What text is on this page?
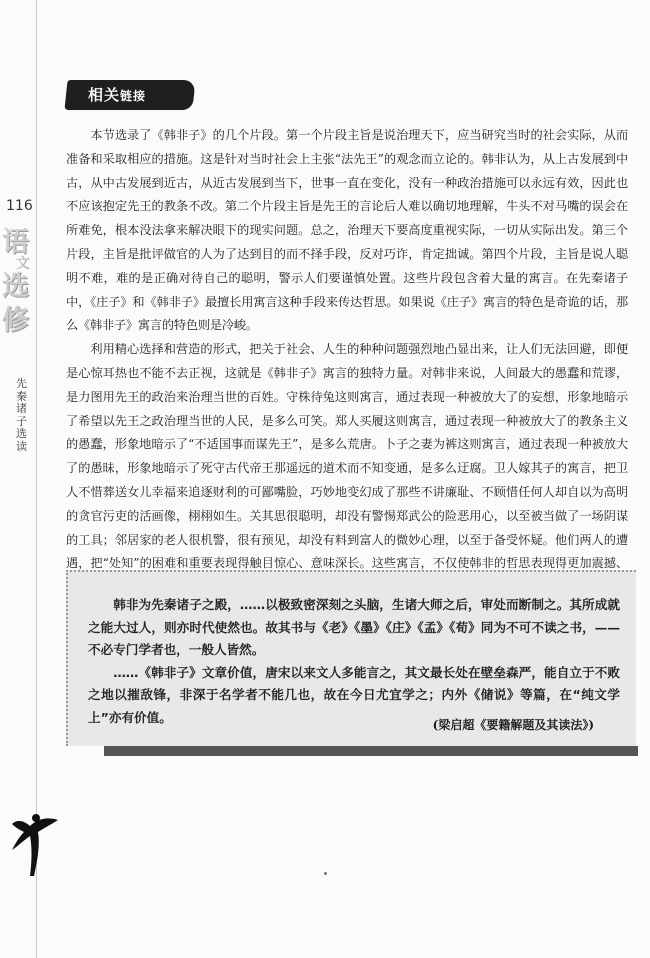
116
语
文
选
修
先秦诸子选读
相关链接

本节选录了《韩非子》的几个片段。第一个片段主旨是说治理天下，应当研究当时的社会实际，从而准备和采取相应的措施。这是针对当时社会上主张“法先王”的观念而立论的。韩非认为，从上古发展到中古，从中古发展到近古，从近古发展到当下，世事一直在变化，没有一种政治措施可以永远有效，因此也不应该抱定先王的教条不改。第二个片段主旨是先王的言论后人难以确切地理解，牛头不对马嘴的误会在所难免，根本没法拿来解决眼下的现实问题。总之，治理天下要高度重视实际，一切从实际出发。第三个片段，主旨是批评做官的人为了达到目的而不择手段，反对巧诈，肯定拙诚。第四个片段，主旨是说人聪明不难，难的是正确对待自己的聪明，警示人们要谨慎处置。这些片段包含着大量的寓言。在先秦诸子中，《庄子》和《韩非子》最擅长用寓言这种手段来传达哲思。如果说《庄子》寓言的特色是奇诡的话，那么《韩非子》寓言的特色则是冷峻。

利用精心选择和营造的形式，把关于社会、人生的种种问题强烈地凸显出来，让人们无法回避，即便是心惊耳热也不能不去正视，这就是《韩非子》寓言的独特力量。对韩非来说，人间最大的愚蠢和荒谬，是力图用先王的政治来治理当世的百姓。守株待兔这则寓言，通过表现一种被放大了的妄想，形象地暗示了希望以先王之政治理当世的人民，是多么可笑。郑人买履这则寓言，通过表现一种被放大了的教条主义的愚蠢，形象地暗示了“不适国事而谋先王”，是多么荒唐。卜子之妻为裤这则寓言，通过表现一种被放大了的愚昧，形象地暗示了死守古代帝王那遥远的道术而不知变通，是多么迂腐。卫人嫁其子的寓言，把卫人不惜葬送女儿幸福来追逐财利的可鄙嘴脸，巧妙地变幻成了那些不讲廉耻、不顾惜任何人却自以为高明的贪官污吏的活画像，栩栩如生。关其思很聪明，却没有警惕郑武公的险恶用心，以至被当做了一场阴谋的工具；邻居家的老人很机警，很有预见，却没有料到富人的微妙心理，以至于备受怀疑。他们两人的遭遇，把“处知”的困难和重要表现得触目惊心、意味深长。这些寓言，不仅使韩非的哲思表现得更加震撼、

韩非为先秦诸子之殿，……以极致密深刻之头脑，生诸大师之后，审处而断制之。其所成就之能大过人，则亦时代使然也。故其书与《老》《墨》《庄》《孟》《荀》同为不可不读之书，——不必专门学者也，一般人皆然。

……《韩非子》文章价值，唐宋以来文人多能言之，其文最长处在壁垒森严，能自立于不败之地以摧敌锋，非深于名学者不能几也，故在今日尤宜学之；内外《储说》等篇，在“纯文学上”亦有价值。

(梁启超《要籍解题及其读法》)
